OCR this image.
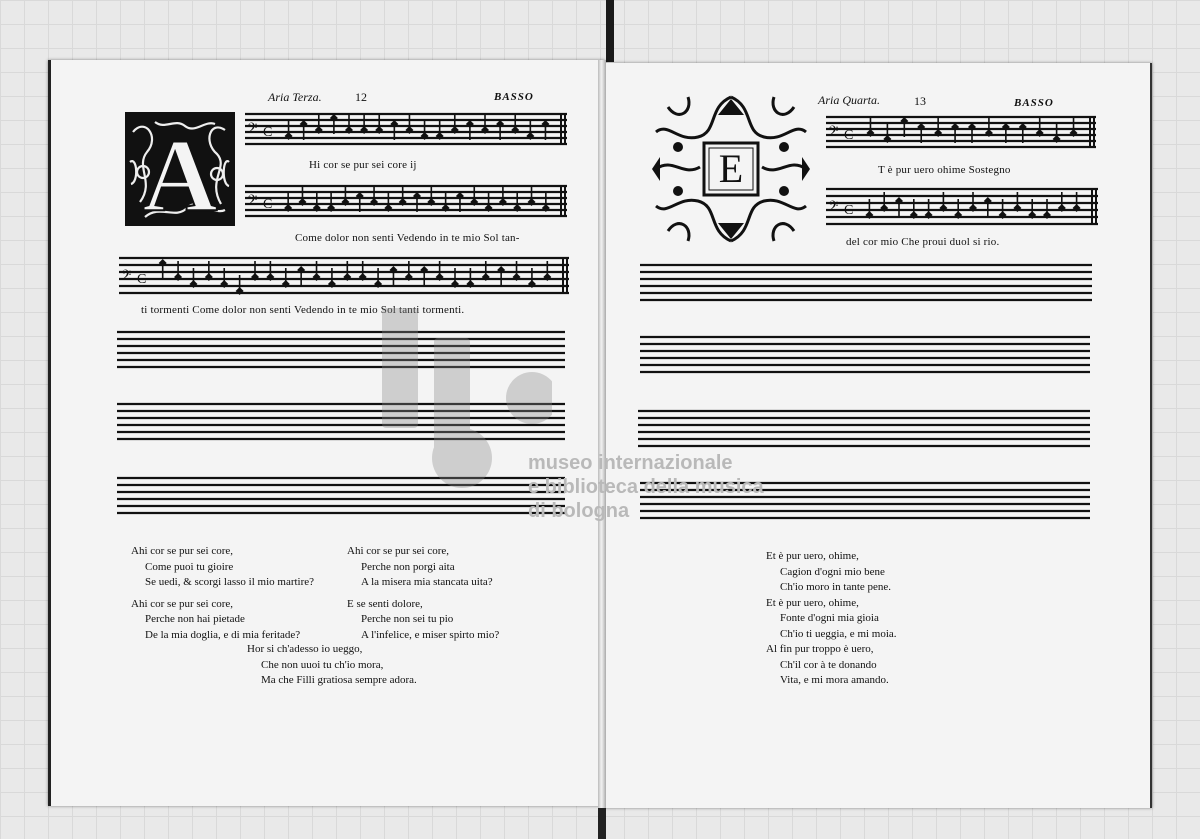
Aria Terza.	12	BASSO
A 𝄢 C
Hi cor se pur sei core ij
𝄢 C
Come dolor non senti Vedendo in te mio Sol tan-
𝄢 C
ti tormenti Come dolor non senti Vedendo in te mio Sol tanti tormenti.
Ahi cor se pur sei core,
Come puoi tu gioire
Se uedi, & scorgi lasso il mio martire?
Ahi cor se pur sei core,
Perche non hai pietade
De la mia doglia, e di mia feritade?
Ahi cor se pur sei core,
Perche non porgi aita
A la misera mia stancata uita?
E se senti dolore,
Perche non sei tu pio
A l'infelice, e miser spirto mio?
Hor si ch'adesso io ueggo,
Che non uuoi tu ch'io mora,
Ma che Filli gratiosa sempre adora.
Aria Quarta.	13	BASSO
E
𝄢 C
T è pur uero ohime Sostegno
𝄢 C
del cor mio Che proui duol si rio.
Et è pur uero, ohime,
Cagion d'ogni mio bene
Ch'io moro in tante pene.
Et è pur uero, ohime,
Fonte d'ogni mia gioia
Ch'io ti ueggia, e mi moia.
Al fin pur troppo è uero,
Ch'il cor à te donando
Vita, e mi mora amando.
museo internazionale
e biblioteca della musica
di bologna
